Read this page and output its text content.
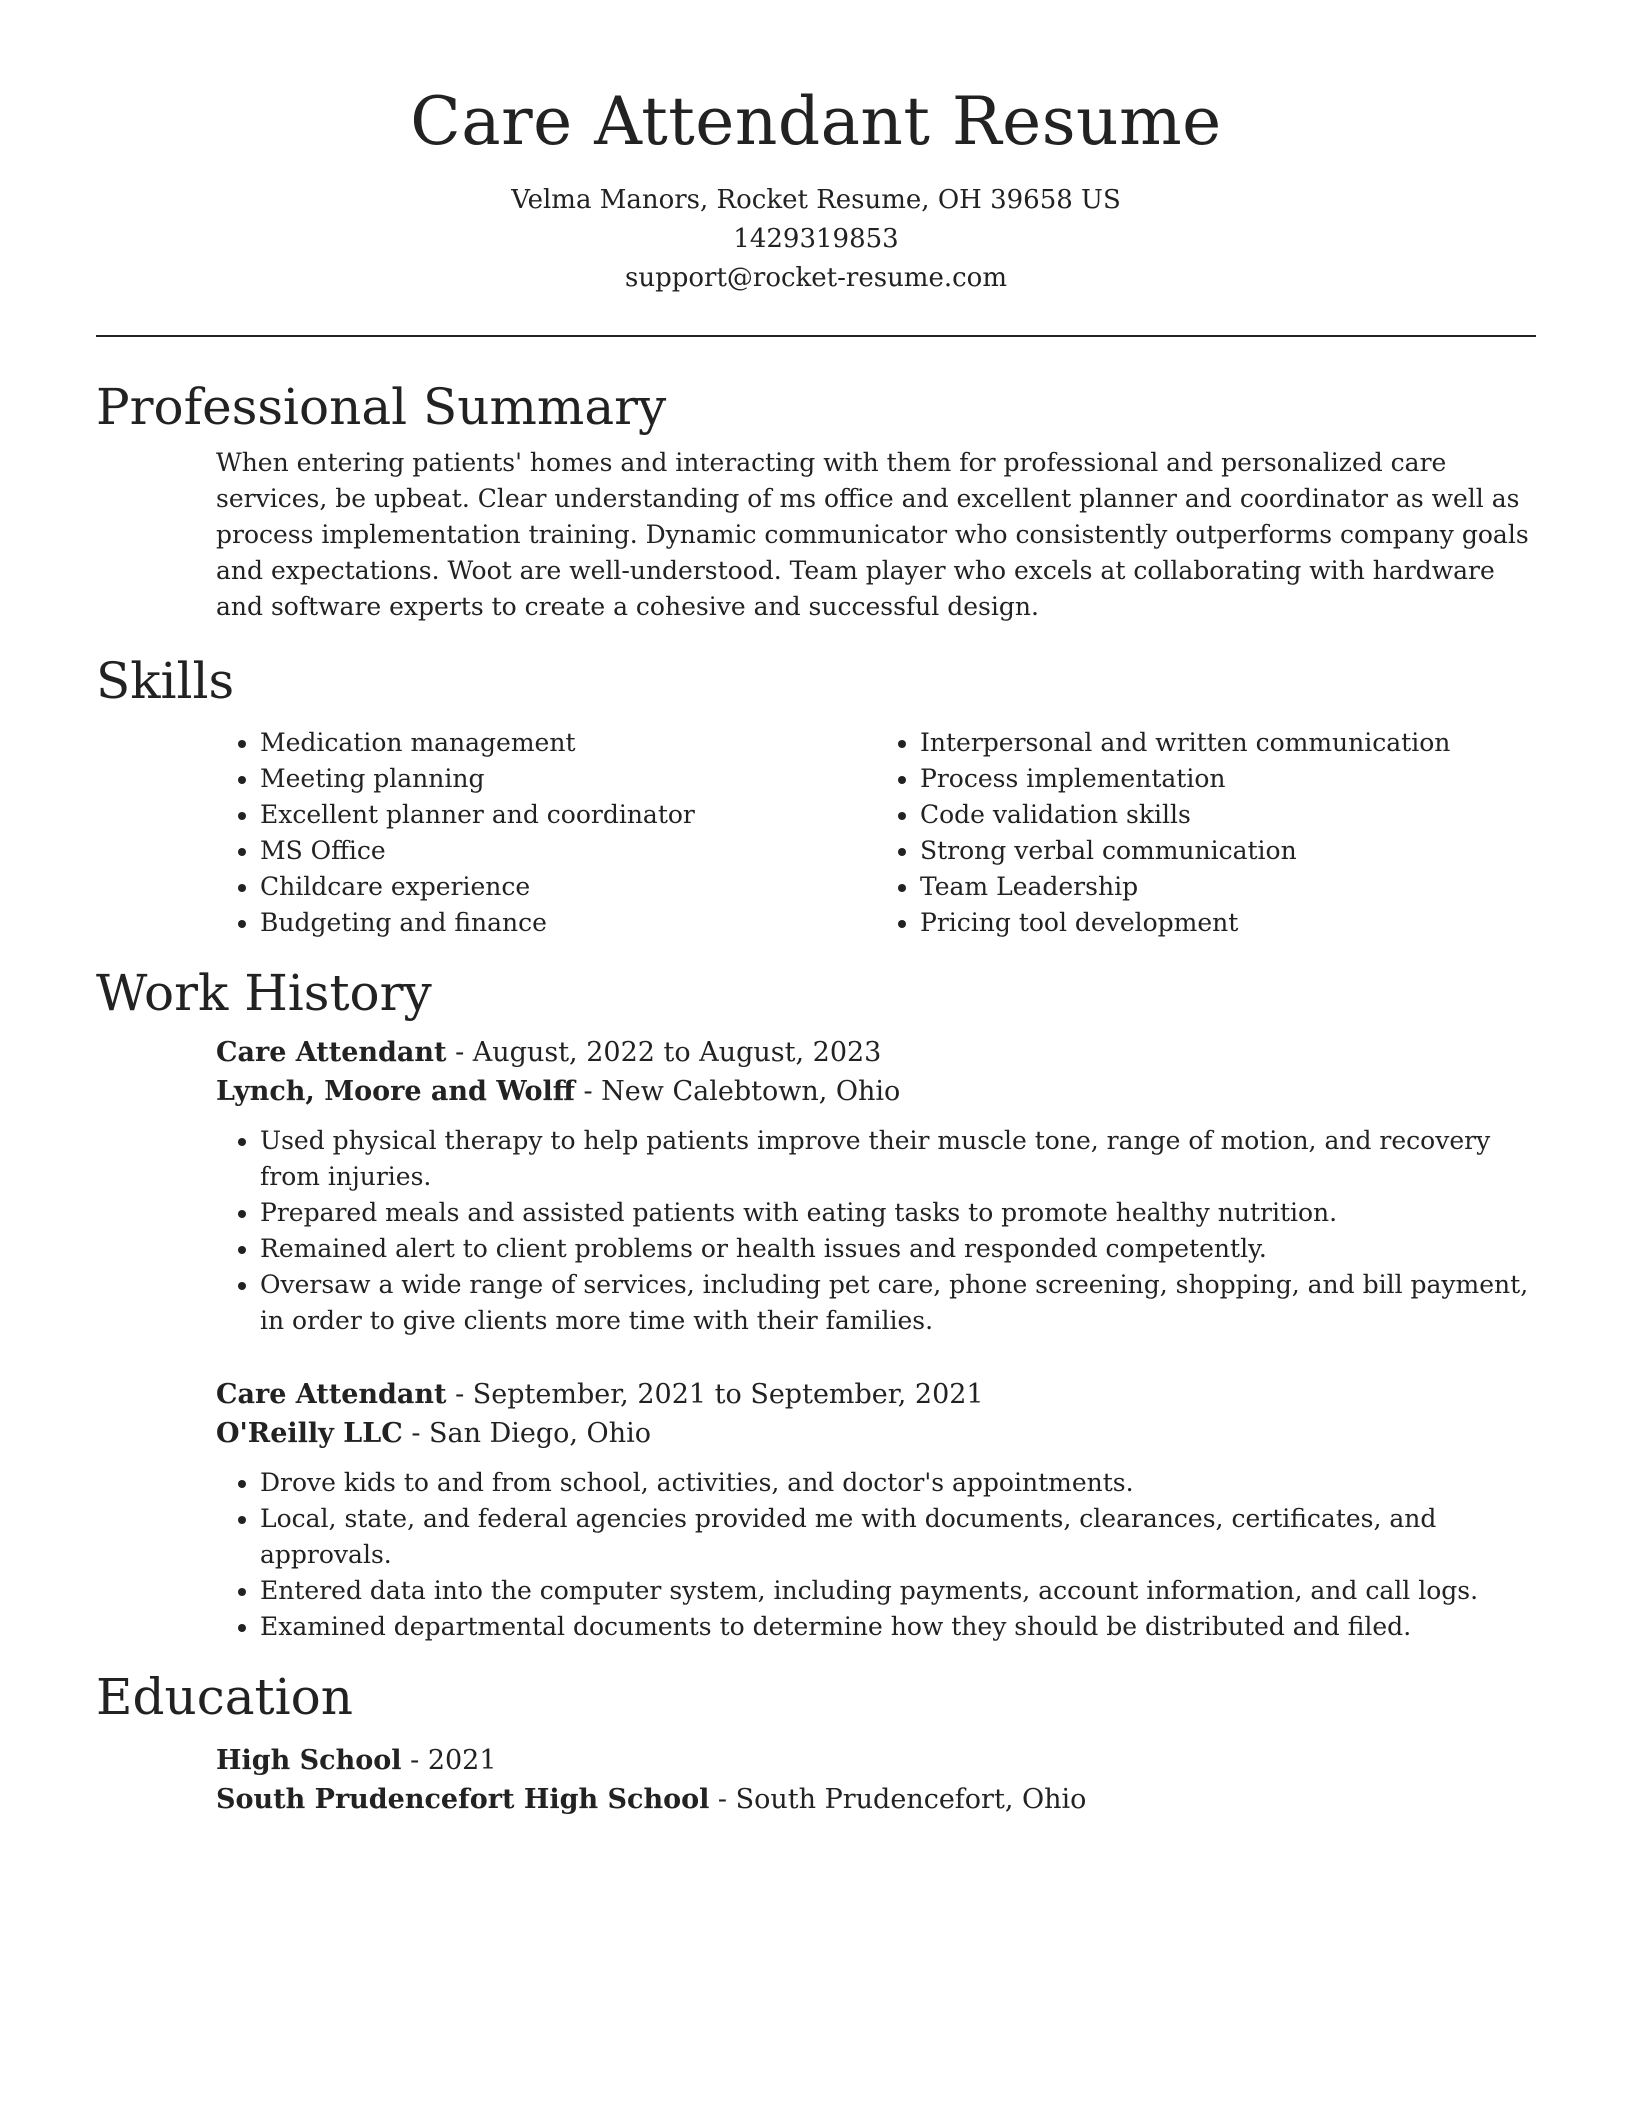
Care Attendant Resume
Velma Manors, Rocket Resume, OH 39658 US
1429319853
support@rocket-resume.com
Professional Summary

When entering patients' homes and interacting with them for professional and personalized care services, be upbeat. Clear understanding of ms office and excellent planner and coordinator as well as process implementation training. Dynamic communicator who consistently outperforms company goals and expectations. Woot are well-understood. Team player who excels at collaborating with hardware and software experts to create a cohesive and successful design.

Skills
• Medication management
• Meeting planning
• Excellent planner and coordinator
• MS Office
• Childcare experience
• Budgeting and finance
• Interpersonal and written communication
• Process implementation
• Code validation skills
• Strong verbal communication
• Team Leadership
• Pricing tool development
Work History
Care Attendant - August, 2022 to August, 2023
Lynch, Moore and Wolff - New Calebtown, Ohio
• Used physical therapy to help patients improve their muscle tone, range of motion, and recovery from injuries.
• Prepared meals and assisted patients with eating tasks to promote healthy nutrition.
• Remained alert to client problems or health issues and responded competently.
• Oversaw a wide range of services, including pet care, phone screening, shopping, and bill payment, in order to give clients more time with their families.
Care Attendant - September, 2021 to September, 2021
O'Reilly LLC - San Diego, Ohio
• Drove kids to and from school, activities, and doctor's appointments.
• Local, state, and federal agencies provided me with documents, clearances, certificates, and approvals.
• Entered data into the computer system, including payments, account information, and call logs.
• Examined departmental documents to determine how they should be distributed and filed.
Education
High School - 2021
South Prudencefort High School - South Prudencefort, Ohio
